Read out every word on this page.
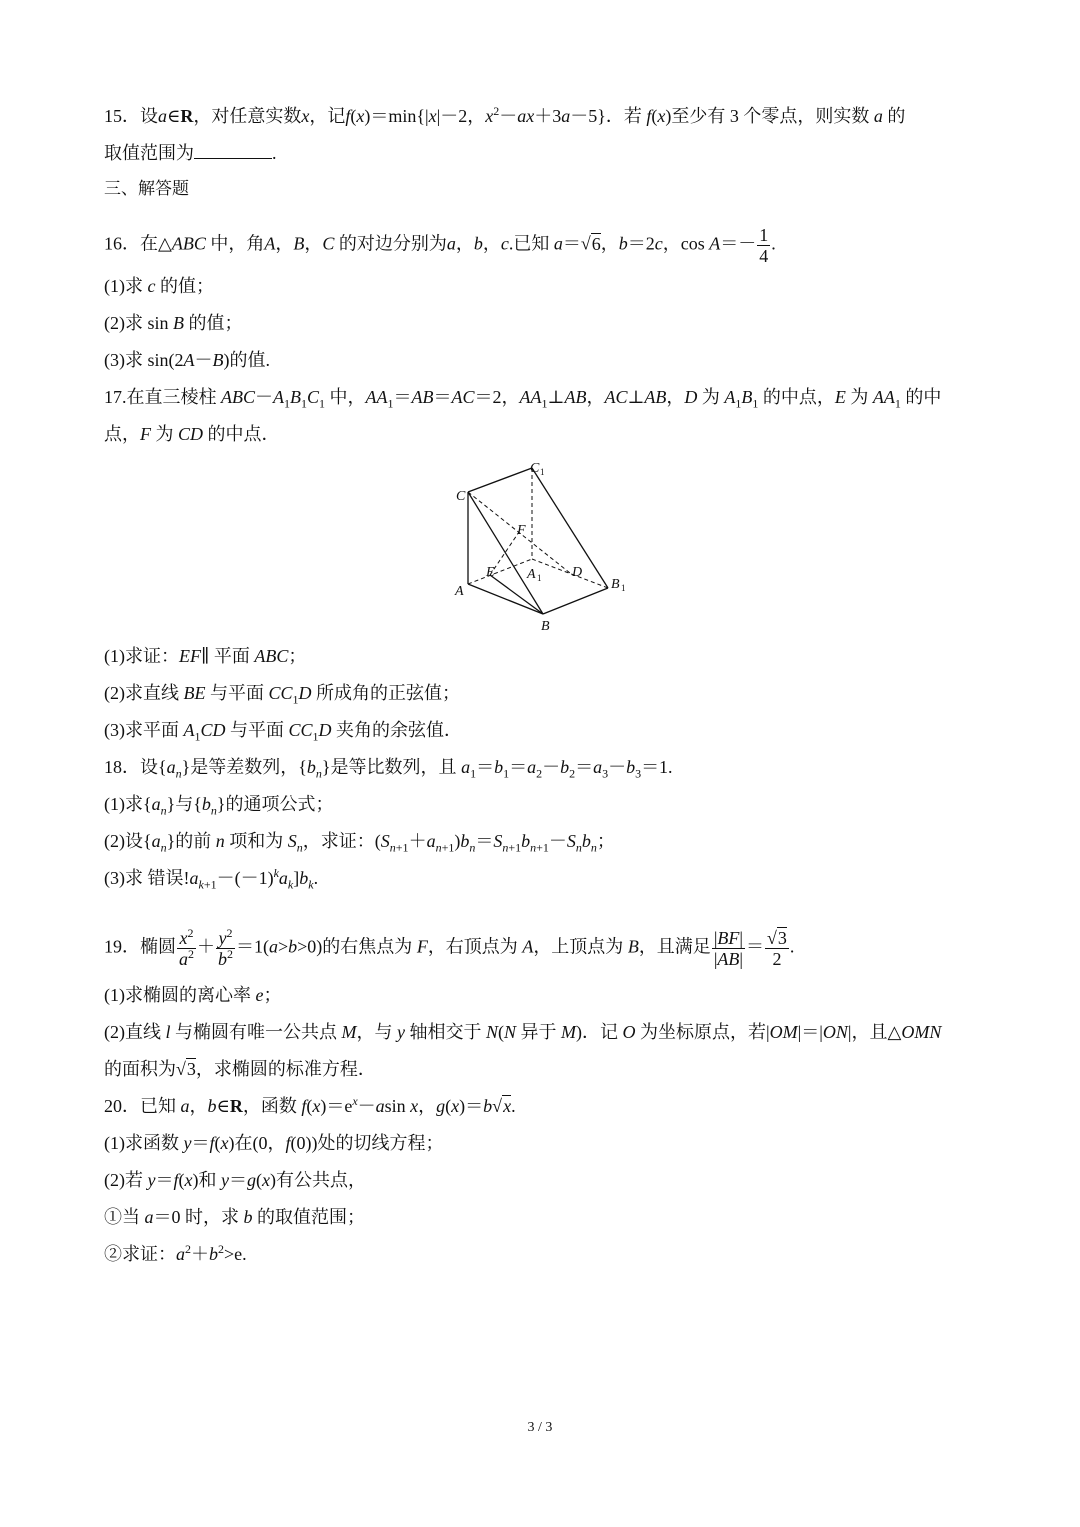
15．设a∈R，对任意实数x，记f(x)＝min{|x|－2，$x^2-ax+3a-5$}．若 f(x)至少有 3 个零点，则实数 a 的
取值范围为	.
三、解答题
16．在△ABC 中，角A，B，C 的对边分别为a，b，c.已知 a＝√6，b＝2c，$\cos A=- \frac{1}{4}$ .
(1)求 c 的值；
(2)求 sin B 的值；
(3)求 sin(2A－B)的值.
17.在直三棱柱 $ABC-A_1B_1C_1$ 中，$AA_1=AB=AC=2$，$AA_1\perp AB$，AC⊥AB，D 为 $A_1B_1$ 的中点，E 为 $AA_1$ 的中
点，F 为 CD 的中点．
C
A
B
E
F
D
A 1
C 1
B 1
(1)求证：EF∥ 平面 ABC；
(2)求直线 BE 与平面 $CC_1D$ 所成角的正弦值；
(3)求平面 $A_1CD$ 与平面 $CC_1D$ 夹角的余弦值．
18．设$\{a_n\}$是等差数列，$\{b_n\}$是等比数列，且 $a_1=b_1=a_2-b_2=a_3-b_3=1$.
(1)求$\{a_n\}$与$\{b_n\}$的通项公式；
(2)设$\{a_n\}$的前 n 项和为 $S_n$，求证：$(S_{n+1}+a_{n+1})b_n=S_{n+1}b_{n+1}-S_nb_n$；
(3)求 错误$!a_{k+1}-(-1)^ka_k]b_k$.
19．椭圆 $\frac{x^2}{a^2} + \frac{y^2}{b^2} =1(a>b>0)$的右焦点为 F，右顶点为 A，上顶点为 B，且满足 $\frac{|BF|}{|AB|} = \frac{√3}{2}$ .
(1)求椭圆的离心率 e；
(2)直线 l 与椭圆有唯一公共点 M，与 y 轴相交于 N(N 异于 M)．记 O 为坐标原点，若|OM|＝|ON|，且△OMN
的面积为√3，求椭圆的标准方程．
20．已知 a，b∈R，函数 $f(x)=e^x-asin$ x，g(x)＝b√x.
(1)求函数 y＝f(x)在(0，f(0))处的切线方程；
(2)若 y＝f(x)和 y＝g(x)有公共点，
①当 a＝0 时，求 b 的取值范围；
②求证：$a^2+b^2>e$.
3 / 3
